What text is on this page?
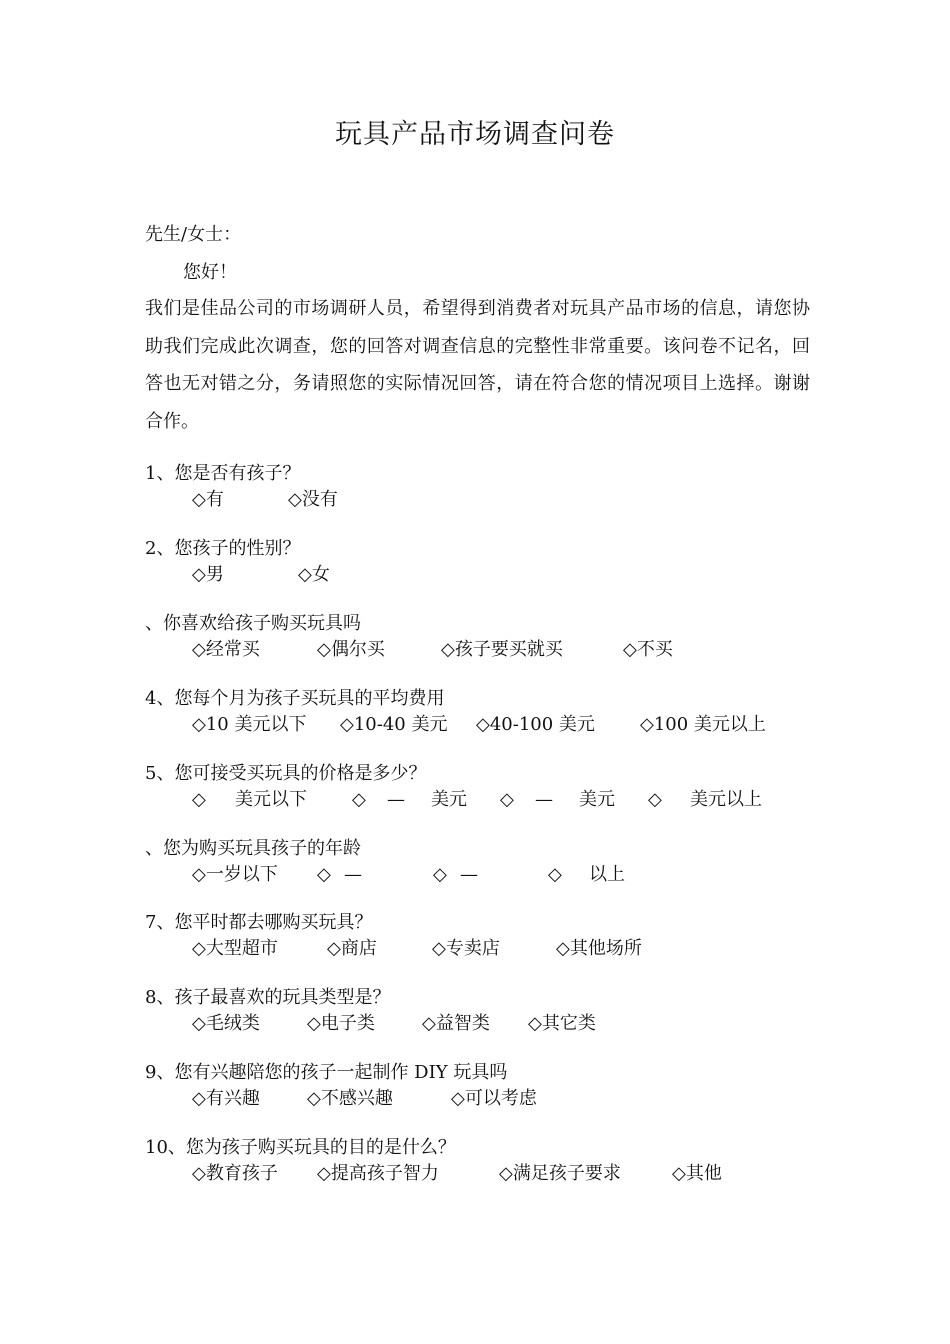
玩具产品市场调查问卷
先生/女士：
您好！
我们是佳品公司的市场调研人员，希望得到消费者对玩具产品市场的信息，请您协助我们完成此次调查，您的回答对调查信息的完整性非常重要。该问卷不记名，回答也无对错之分，务请照您的实际情况回答，请在符合您的情况项目上选择。谢谢合作。
1、您是否有孩子？
◇有	◇没有
2、您孩子的性别？
◇男	◇女
、你喜欢给孩子购买玩具吗
◇经常买	◇偶尔买	◇孩子要买就买	◇不买
4、您每个月为孩子买玩具的平均费用
◇10 美元以下 ◇10-40 美元 ◇40-100 美元	◇100 美元以上
5、您可接受买玩具的价格是多少？
◇ 美元以下	◇ — 美元 ◇ — 美元 ◇ 美元以上
、您为购买玩具孩子的年龄
◇一岁以下 ◇ —	◇ —	◇ 以上
7、您平时都去哪购买玩具？
◇大型超市	◇商店	◇专卖店	◇其他场所
8、孩子最喜欢的玩具类型是？
◇毛绒类	◇电子类	◇益智类 ◇其它类
9、您有兴趣陪您的孩子一起制作 DIY 玩具吗
◇有兴趣	◇不感兴趣	◇可以考虑
10、您为孩子购买玩具的目的是什么？
◇教育孩子 ◇提高孩子智力	◇满足孩子要求	◇其他
